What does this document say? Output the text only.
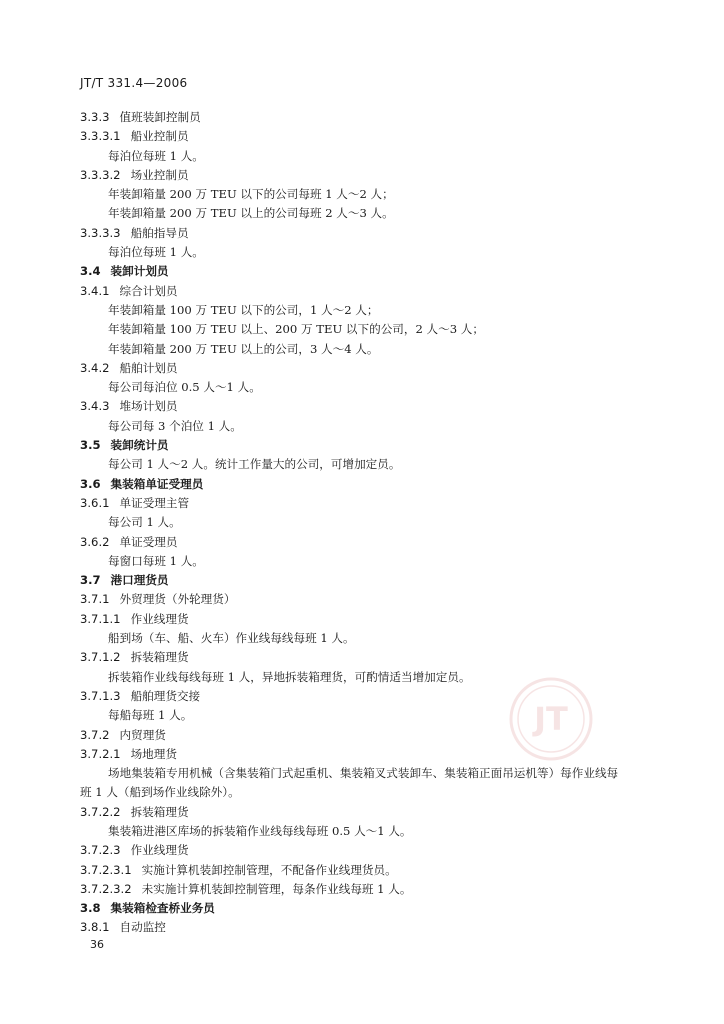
JT/T 331.4—2006
3.3.3 值班装卸控制员
3.3.3.1 船业控制员
每泊位每班 1 人。
3.3.3.2 场业控制员
年装卸箱量 200 万 TEU 以下的公司每班 1 人～2 人；
年装卸箱量 200 万 TEU 以上的公司每班 2 人～3 人。
3.3.3.3 船舶指导员
每泊位每班 1 人。
3.4 装卸计划员
3.4.1 综合计划员
年装卸箱量 100 万 TEU 以下的公司，1 人～2 人；
年装卸箱量 100 万 TEU 以上、200 万 TEU 以下的公司，2 人～3 人；
年装卸箱量 200 万 TEU 以上的公司，3 人～4 人。
3.4.2 船舶计划员
每公司每泊位 0.5 人～1 人。
3.4.3 堆场计划员
每公司每 3 个泊位 1 人。
3.5 装卸统计员
每公司 1 人～2 人。统计工作量大的公司，可增加定员。
3.6 集装箱单证受理员
3.6.1 单证受理主管
每公司 1 人。
3.6.2 单证受理员
每窗口每班 1 人。
3.7 港口理货员
3.7.1 外贸理货（外轮理货）
3.7.1.1 作业线理货
船到场（车、船、火车）作业线每线每班 1 人。
3.7.1.2 拆装箱理货
拆装箱作业线每线每班 1 人，异地拆装箱理货，可酌情适当增加定员。
3.7.1.3 船舶理货交接
每船每班 1 人。
3.7.2 内贸理货
3.7.2.1 场地理货
场地集装箱专用机械（含集装箱门式起重机、集装箱叉式装卸车、集装箱正面吊运机等）每作业线每
班 1 人（船到场作业线除外）。
3.7.2.2 拆装箱理货
集装箱进港区库场的拆装箱作业线每线每班 0.5 人～1 人。
3.7.2.3 作业线理货
3.7.2.3.1 实施计算机装卸控制管理，不配备作业线理货员。
3.7.2.3.2 未实施计算机装卸控制管理，每条作业线每班 1 人。
3.8 集装箱检查桥业务员
3.8.1 自动监控
36
JT
